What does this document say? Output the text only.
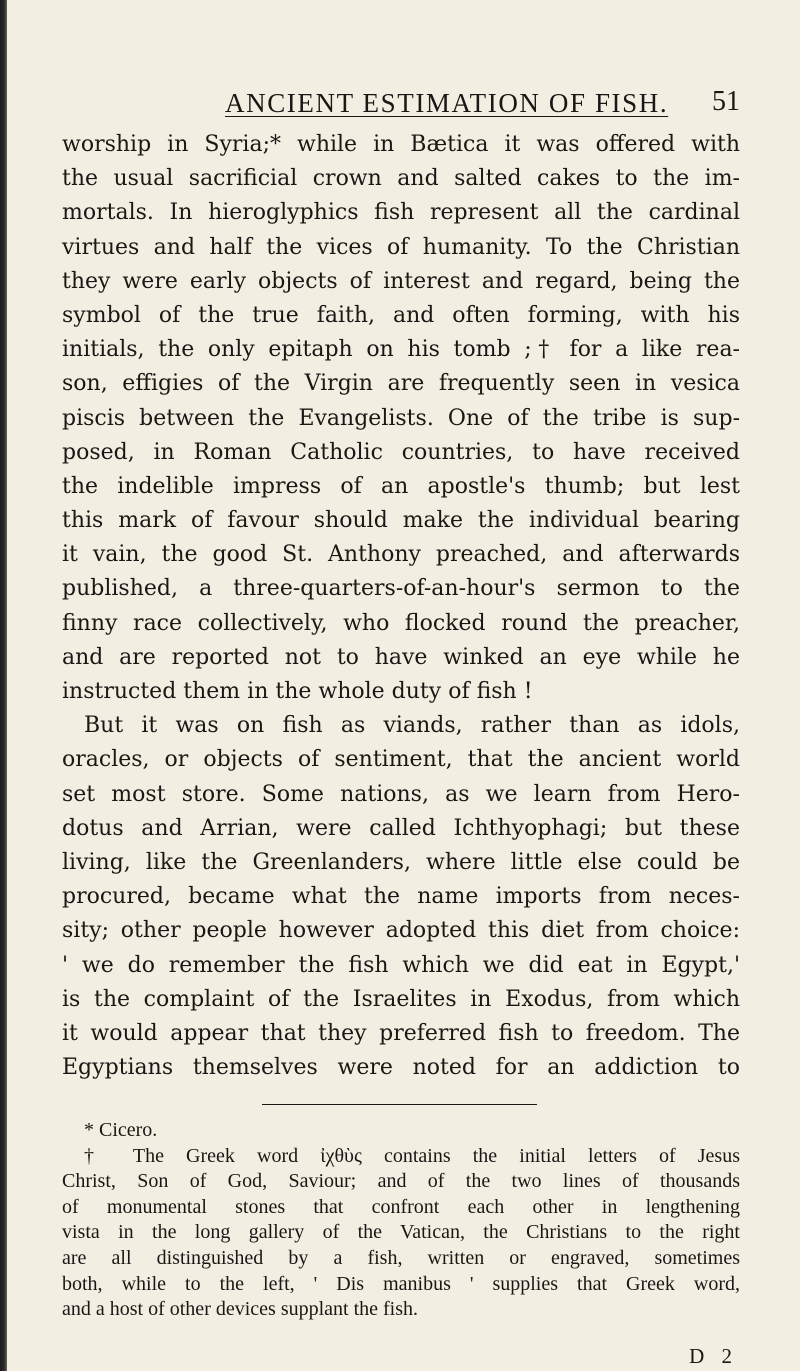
ANCIENT ESTIMATION OF FISH. 51
worship in Syria;* while in Bætica it was offered with
the usual sacrificial crown and salted cakes to the im-
mortals. In hieroglyphics fish represent all the cardinal
virtues and half the vices of humanity. To the Christian
they were early objects of interest and regard, being the
symbol of the true faith, and often forming, with his
initials, the only epitaph on his tomb ;† for a like rea-
son, effigies of the Virgin are frequently seen in vesica
piscis between the Evangelists. One of the tribe is sup-
posed, in Roman Catholic countries, to have received
the indelible impress of an apostle's thumb; but lest
this mark of favour should make the individual bearing
it vain, the good St. Anthony preached, and afterwards
published, a three-quarters-of-an-hour's sermon to the
finny race collectively, who flocked round the preacher,
and are reported not to have winked an eye while he
instructed them in the whole duty of fish !
But it was on fish as viands, rather than as idols,
oracles, or objects of sentiment, that the ancient world
set most store. Some nations, as we learn from Hero-
dotus and Arrian, were called Ichthyophagi; but these
living, like the Greenlanders, where little else could be
procured, became what the name imports from neces-
sity; other people however adopted this diet from choice:
' we do remember the fish which we did eat in Egypt,'
is the complaint of the Israelites in Exodus, from which
it would appear that they preferred fish to freedom. The
Egyptians themselves were noted for an addiction to
* Cicero.
† The Greek word ἰχθὺς contains the initial letters of Jesus
Christ, Son of God, Saviour; and of the two lines of thousands
of monumental stones that confront each other in lengthening
vista in the long gallery of the Vatican, the Christians to the right
are all distinguished by a fish, written or engraved, sometimes
both, while to the left, ' Dis manibus ' supplies that Greek word,
and a host of other devices supplant the fish.
D 2
